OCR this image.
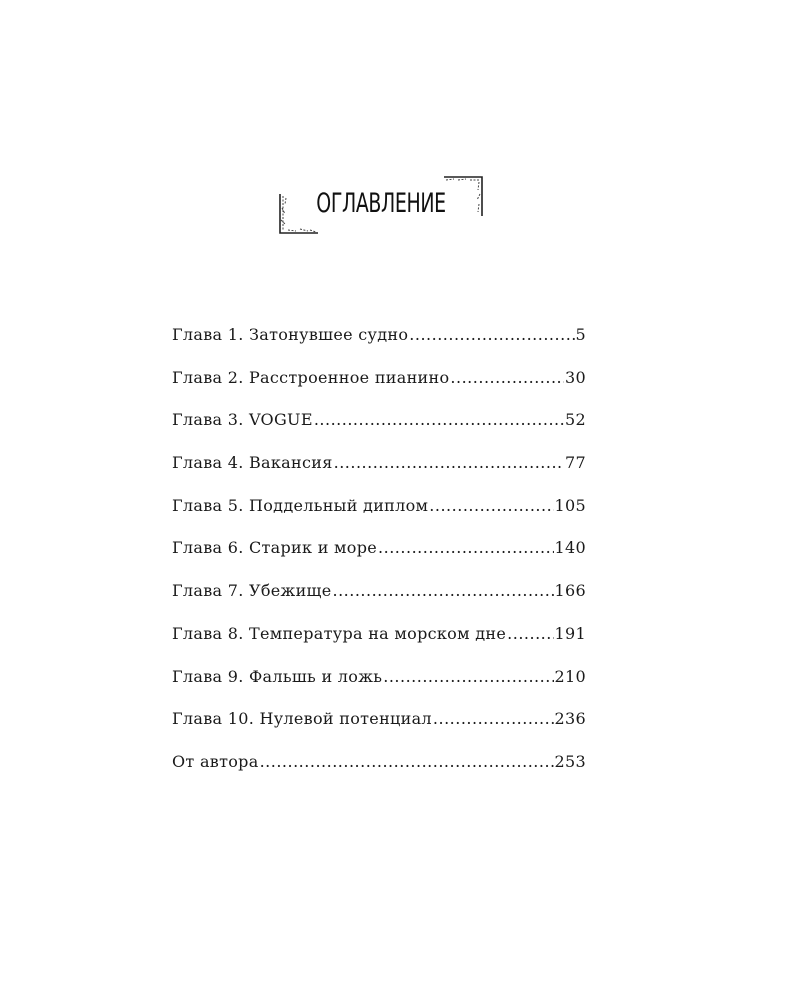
ОГЛАВЛЕНИЕ
Глава 1. Затонувшее судно .....	5
Глава 2. Расстроенное пианино .....	30
Глава 3. VOGUE .....	52
Глава 4. Вакансия .....	77
Глава 5. Поддельный диплом .....	105
Глава 6. Старик и море .....	140
Глава 7. Убежище .....	166
Глава 8. Температура на морском дне .....	191
Глава 9. Фальшь и ложь .....	210
Глава 10. Нулевой потенциал .....	236
От автора .....	253
